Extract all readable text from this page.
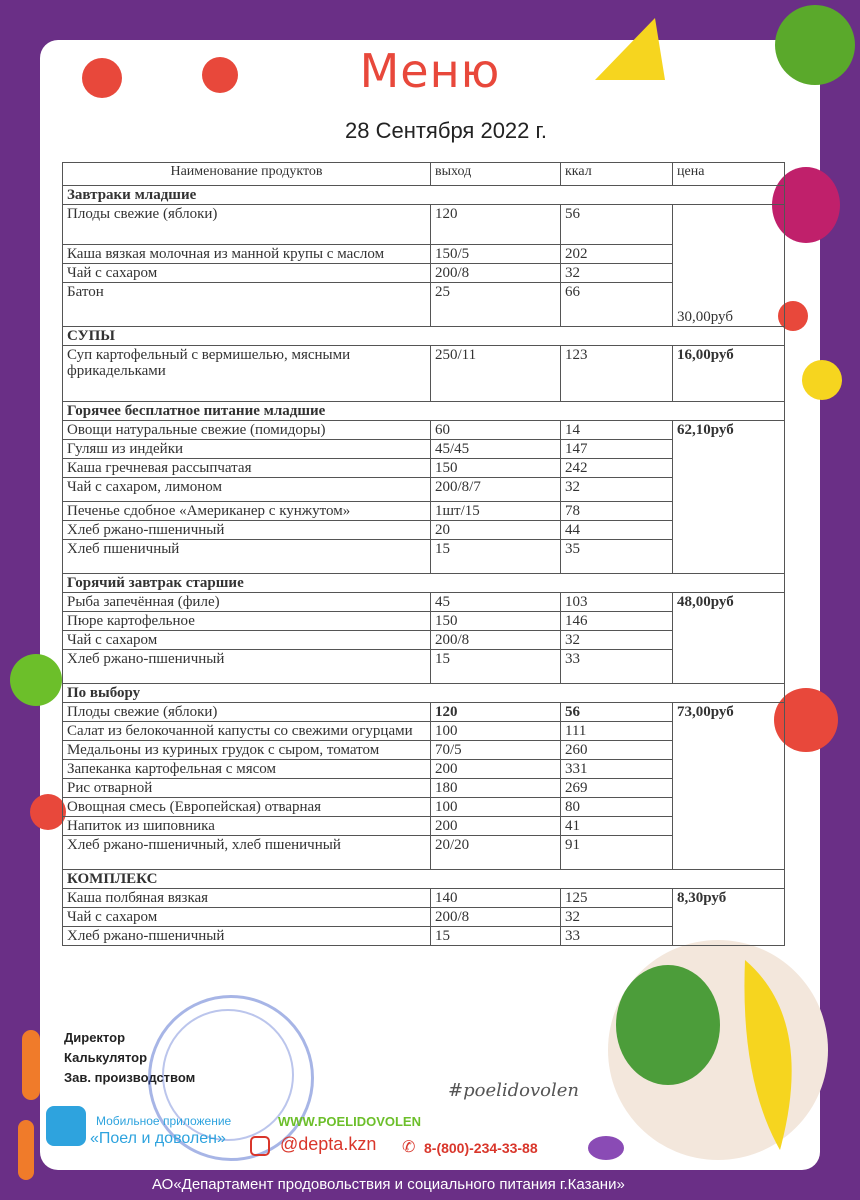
Меню
28 Сентября 2022 г.
Наименование продуктов	выход	ккал	цена
Завтраки младшие			
Плоды свежие (яблоки)	120	56	30,00руб
Каша вязкая молочная из манной крупы с маслом	150/5	202	
Чай с сахаром	200/8	32	
Батон	25	66	
СУПЫ			
Суп картофельный с вермишелью, мясными фрикадельками	250/11	123	16,00руб
Горячее бесплатное питание младшие			
Овощи натуральные свежие (помидоры)	60	14	62,10руб
Гуляш из индейки	45/45	147	
Каша гречневая рассыпчатая	150	242	
Чай с сахаром, лимоном	200/8/7	32	
Печенье сдобное «Американер с кунжутом»	1шт/15	78	
Хлеб ржано-пшеничный	20	44	
Хлеб пшеничный	15	35	
Горячий завтрак старшие			
Рыба запечённая (филе)	45	103	48,00руб
Пюре картофельное	150	146	
Чай с сахаром	200/8	32	
Хлеб ржано-пшеничный	15	33	
По выбору			
Плоды свежие (яблоки)	120	56	73,00руб
Салат из белокочанной капусты со свежими огурцами	100	111	
Медальоны из куриных грудок с сыром, томатом	70/5	260	
Запеканка картофельная с мясом	200	331	
Рис отварной	180	269	
Овощная смесь (Европейская) отварная	100	80	
Напиток из шиповника	200	41	
Хлеб ржано-пшеничный, хлеб пшеничный	20/20	91	
КОМПЛЕКС			
Каша полбяная вязкая	140	125	8,30руб
Чай с сахаром	200/8	32	
Хлеб ржано-пшеничный	15	33	
Директор
Калькулятор
Зав. производством
#poelidovolen
Мобильное приложение
«Поел и доволен»
WWW.POELIDOVOLEN
@depta.kzn ✆ 8-(800)-234-33-88
АО«Департамент продовольствия и социального питания г.Казани»
